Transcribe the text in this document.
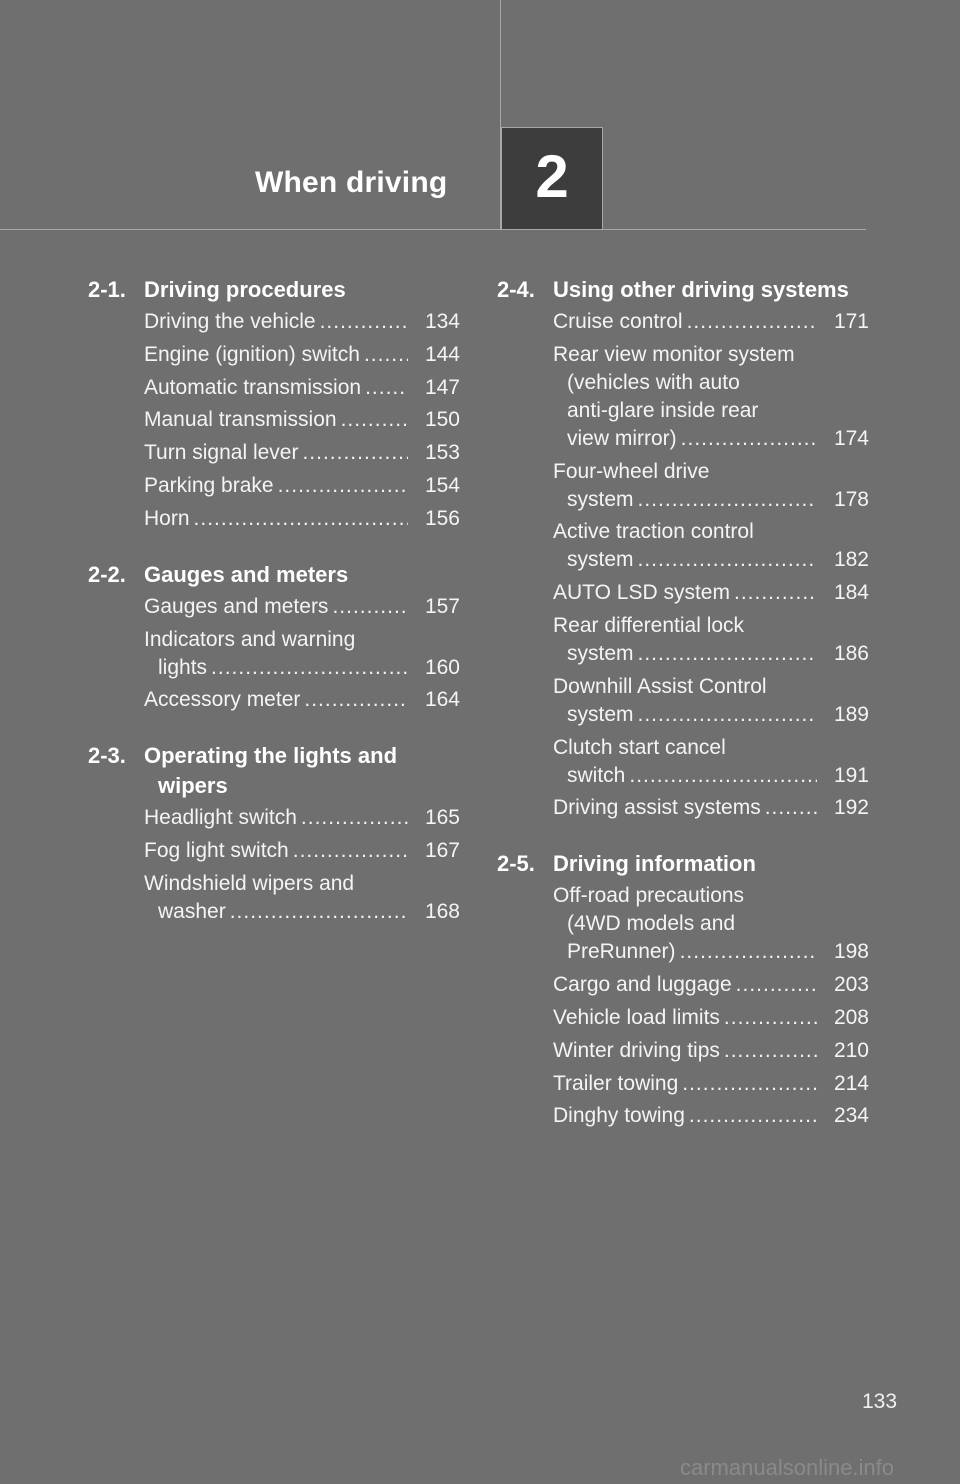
When driving 2
2-1. Driving procedures
Driving the vehicle .....	134
Engine (ignition) switch .....	144
Automatic transmission .....	147
Manual transmission .....	150
Turn signal lever .....	153
Parking brake .....	154
Horn .....	156
2-2. Gauges and meters
Gauges and meters .....	157
Indicators and warning
lights .....	160
Accessory meter .....	164
2-3. Operating the lights and
wipers
Headlight switch .....	165
Fog light switch .....	167
Windshield wipers and
washer .....	168
2-4. Using other driving systems
Cruise control .....	171
Rear view monitor system
(vehicles with auto
anti-glare inside rear
view mirror) .....	174
Four-wheel drive
system .....	178
Active traction control
system .....	182
AUTO LSD system .....	184
Rear differential lock
system .....	186
Downhill Assist Control
system .....	189
Clutch start cancel
switch .....	191
Driving assist systems .....	192
2-5. Driving information
Off-road precautions
(4WD models and
PreRunner) .....	198
Cargo and luggage .....	203
Vehicle load limits .....	208
Winter driving tips .....	210
Trailer towing .....	214
Dinghy towing .....	234
133
carmanualsonline.info
